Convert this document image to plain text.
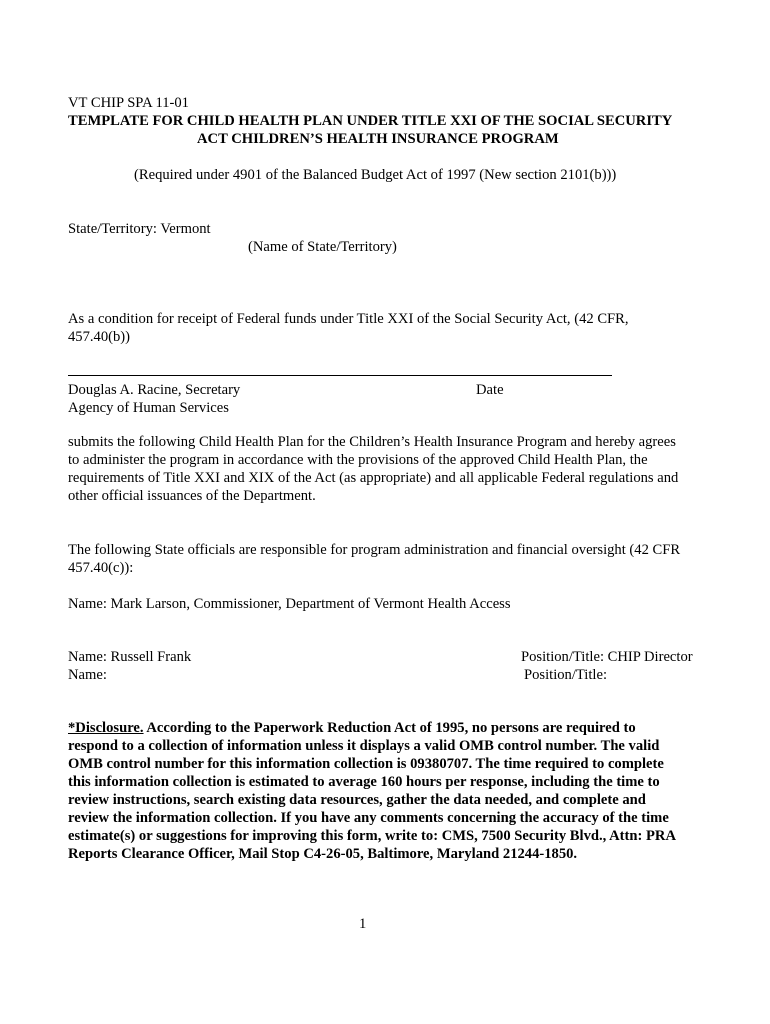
VT CHIP SPA 11-01
TEMPLATE FOR CHILD HEALTH PLAN UNDER TITLE XXI OF THE SOCIAL SECURITY
ACT CHILDREN’S HEALTH INSURANCE PROGRAM
(Required under 4901 of the Balanced Budget Act of 1997 (New section 2101(b)))
State/Territory: Vermont
(Name of State/Territory)
As a condition for receipt of Federal funds under Title XXI of the Social Security Act, (42 CFR,
457.40(b))
Douglas A. Racine, Secretary	Date
Agency of Human Services
submits the following Child Health Plan for the Children’s Health Insurance Program and hereby agrees
to administer the program in accordance with the provisions of the approved Child Health Plan, the
requirements of Title XXI and XIX of the Act (as appropriate) and all applicable Federal regulations and
other official issuances of the Department.
The following State officials are responsible for program administration and financial oversight (42 CFR
457.40(c)):
Name: Mark Larson, Commissioner, Department of Vermont Health Access
Name: Russell Frank	Position/Title: CHIP Director
Name:	Position/Title:
*Disclosure. According to the Paperwork Reduction Act of 1995, no persons are required to
respond to a collection of information unless it displays a valid OMB control number. The valid
OMB control number for this information collection is 09380707. The time required to complete
this information collection is estimated to average 160 hours per response, including the time to
review instructions, search existing data resources, gather the data needed, and complete and
review the information collection. If you have any comments concerning the accuracy of the time
estimate(s) or suggestions for improving this form, write to: CMS, 7500 Security Blvd., Attn: PRA
Reports Clearance Officer, Mail Stop C4-26-05, Baltimore, Maryland 21244-1850.
1
